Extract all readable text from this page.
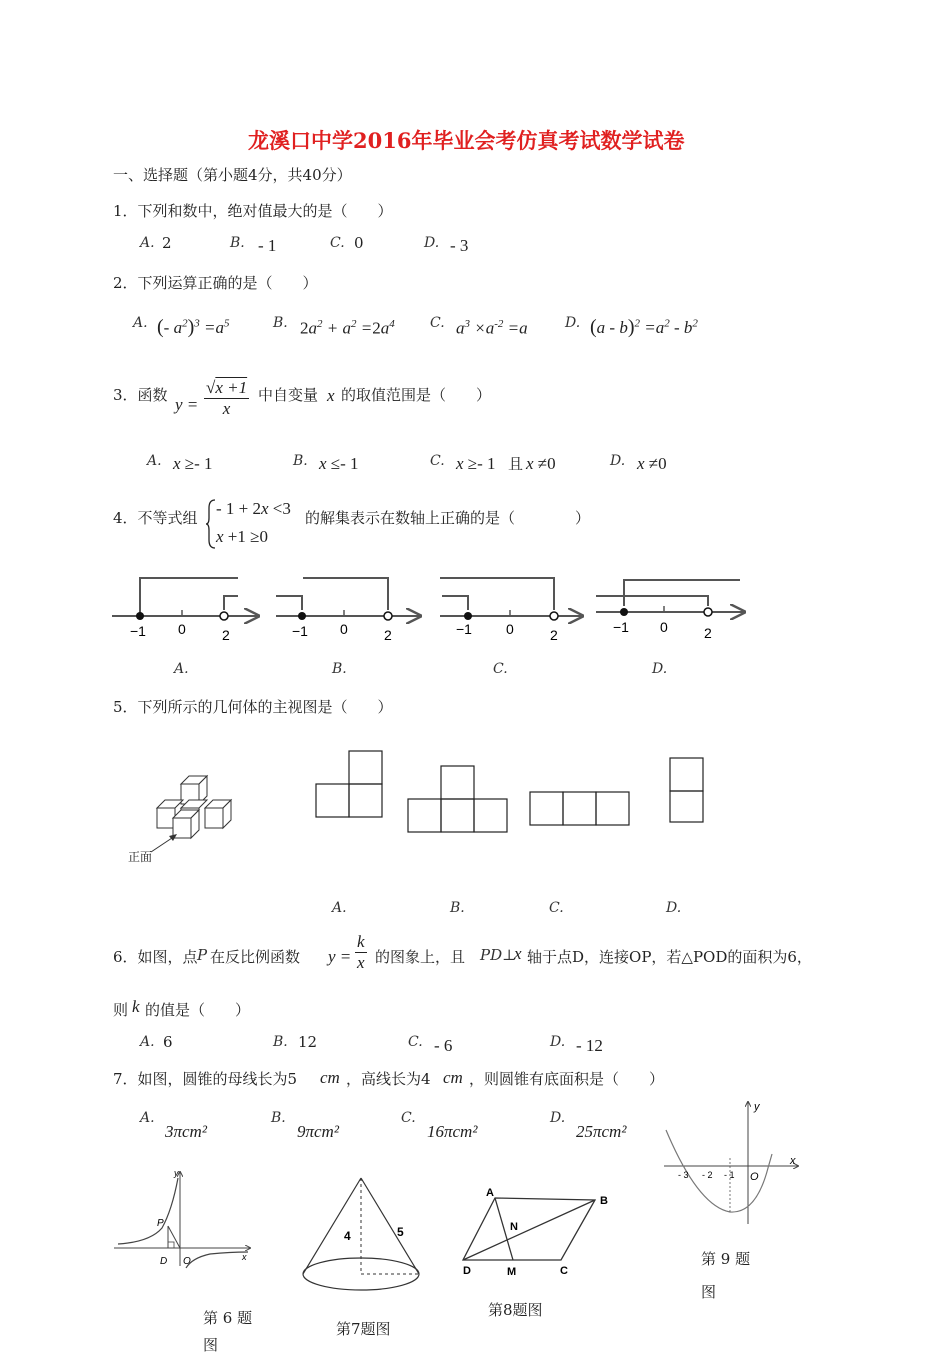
龙溪口中学2016年毕业会考仿真考试数学试卷
一、选择题（第小题4分，共40分）
1．下列和数中，绝对值最大的是（　　）
A. 2	B. - 1	C. 0	D. - 3
2．下列运算正确的是（　　）
A. (- $a^2)^3 =a^5$	B. $2a^2 + a^2 =2a^4$	C. $a^3 \times a^{-2} =a$	D. $(a - b)^2 =a^2 - b^2$
3．函数 $y = \frac{√x +1}{x}$ 中自变量 x 的取值范围是（　　）
A. x ≥- 1	B. x ≤- 1	C. x ≥- 1 且 x ≠0	D. x ≠0
4．不等式组 - 1 + 2x <3
x +1 ≥0
的解集表示在数轴上正确的是（　　　　）
−1 0	2	−1 0	2	−1 0	2	−1 0	2
A.	B.	C.	D.
5．下列所示的几何体的主视图是（　　）
正面
A.	B.	C.	D.
6．如图，点 P 在反比例函数 $y = \frac{k}{x}$ 的图象上，且 PD⊥
x 轴于点D，连接OP，若△POD的面积为6，
则 k 的值是（　　）
A. 6	B. 12	C. - 6	D. - 12
7．如图，圆锥的母线长为5 cm ，高线长为4 cm ，则圆锥有底面积是（　　）
A.
3πcm²
B.
9πcm²
C.
16πcm²
D.
25πcm²
P
D O	x
y
第 6 题
图
4	5
第7题图
A
B
N
D	M	C
第8题图
- 3 - 2 - 1 O
x
y
第 9 题
图
